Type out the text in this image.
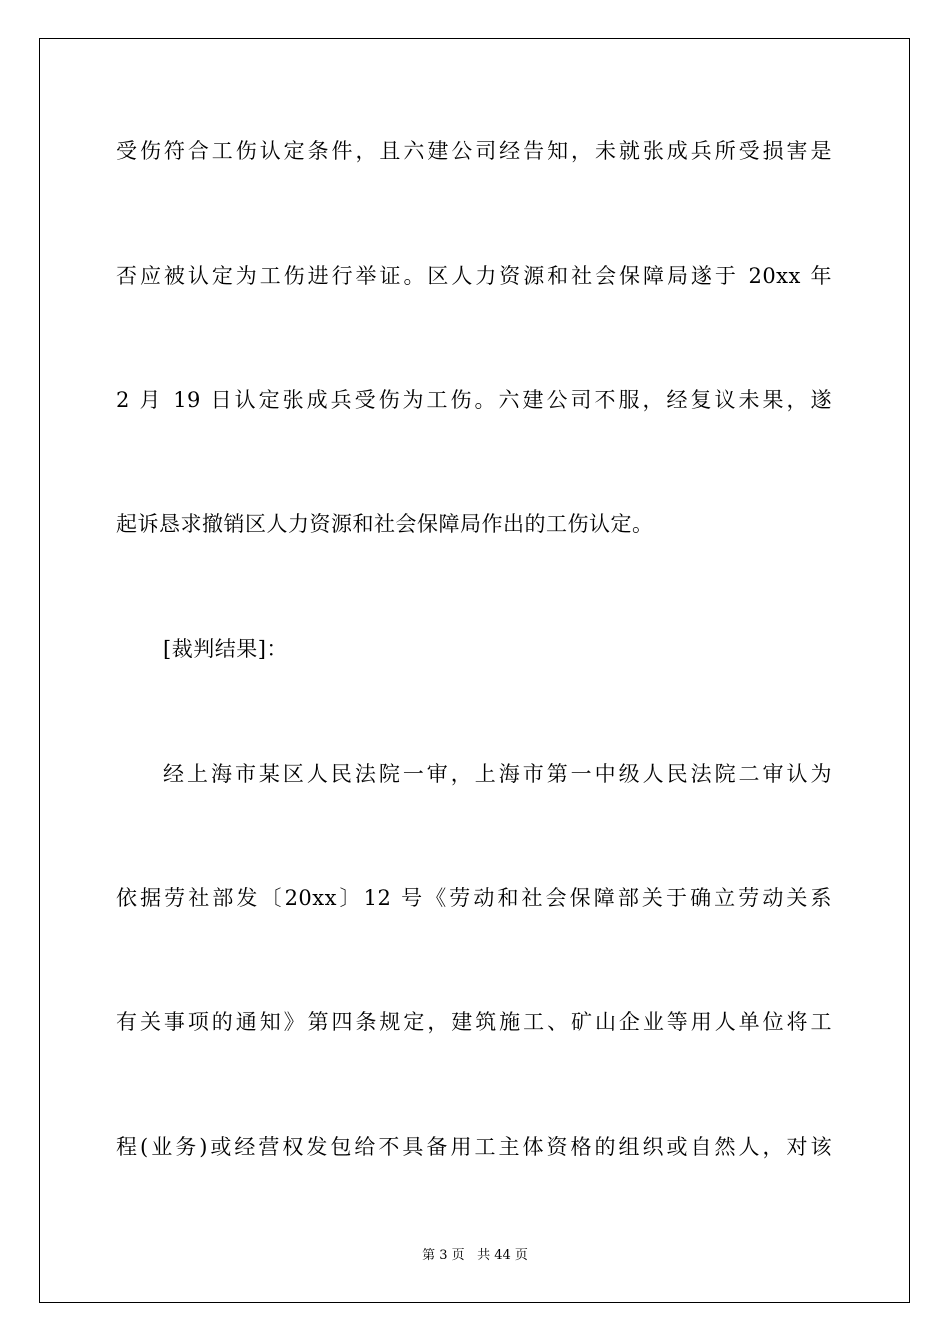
受伤符合工伤认定条件，且六建公司经告知，未就张成兵所受损害是
否应被认定为工伤进行举证。区人力资源和社会保障局遂于 20xx 年
2 月 19 日认定张成兵受伤为工伤。六建公司不服，经复议未果，遂
起诉恳求撤销区人力资源和社会保障局作出的工伤认定。
[裁判结果]：
经上海市某区人民法院一审，上海市第一中级人民法院二审认为
依据劳社部发〔20xx〕12 号《劳动和社会保障部关于确立劳动关系
有关事项的通知》第四条规定，建筑施工、矿山企业等用人单位将工
程(业务)或经营权发包给不具备用工主体资格的组织或自然人，对该
第 3 页 共 44 页
